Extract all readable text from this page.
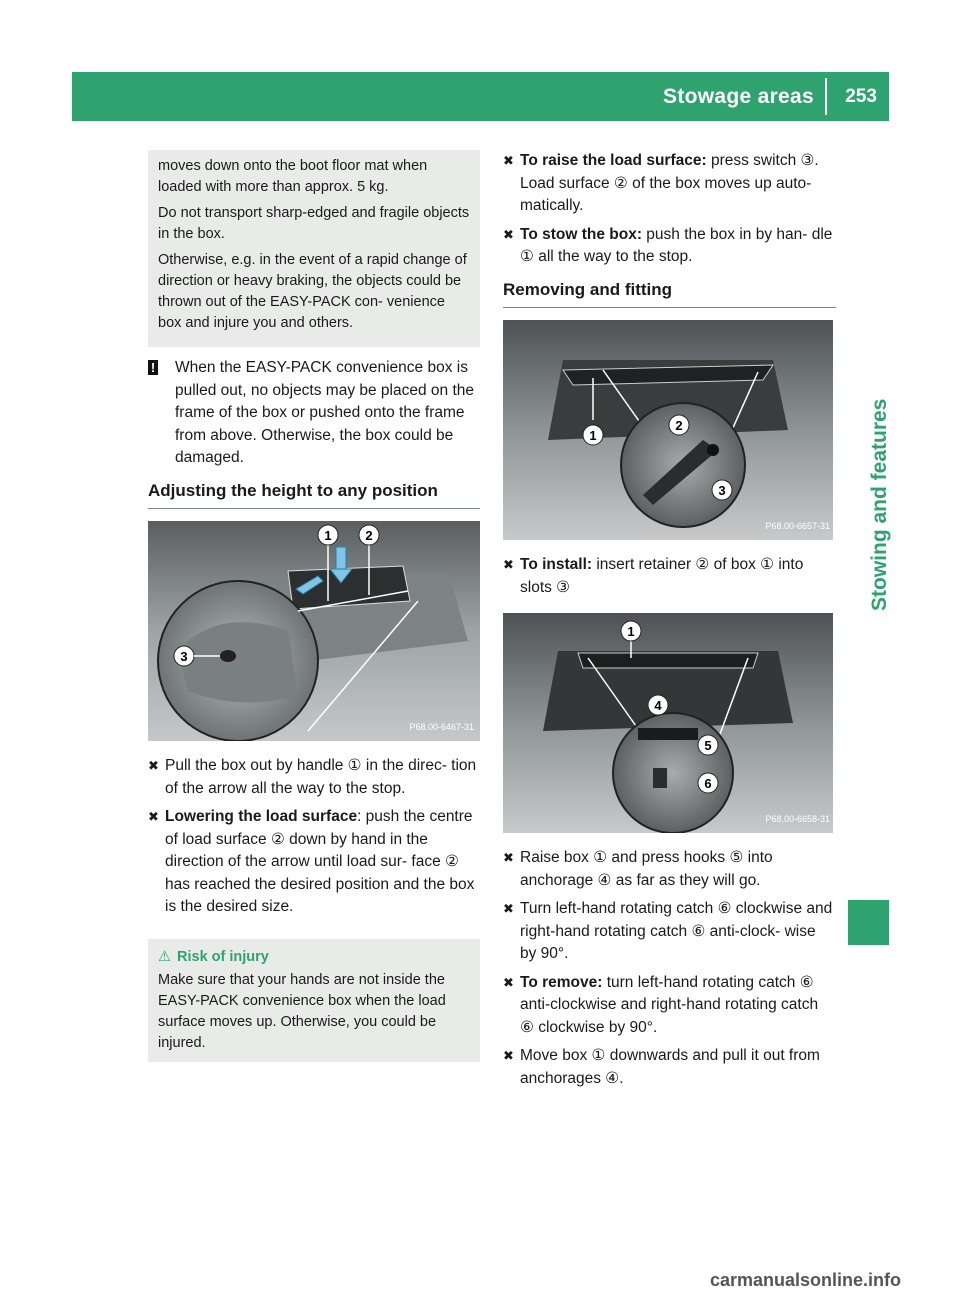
Stowage areas 253
Stowing and features

moves down onto the boot floor mat when loaded with more than approx. 5 kg.

Do not transport sharp-edged and fragile objects in the box.

Otherwise, e.g. in the event of a rapid change of direction or heavy braking, the objects could be thrown out of the EASY-PACK con- venience box and injure you and others.

! When the EASY-PACK convenience box is pulled out, no objects may be placed on the frame of the box or pushed onto the frame from above. Otherwise, the box could be damaged.
Adjusting the height to any position
1	2
3
P68.00-6467-31
✖ Pull the box out by handle ① in the direc- tion of the arrow all the way to the stop.
✖ Lowering the load surface: push the centre of load surface ② down by hand in the direction of the arrow until load sur- face ② has reached the desired position and the box is the desired size.
⚠ Risk of injury
Make sure that your hands are not inside the EASY-PACK convenience box when the load surface moves up. Otherwise, you could be injured.
✖ To raise the load surface: press switch ③. Load surface ② of the box moves up auto- matically.
✖ To stow the box: push the box in by han- dle ① all the way to the stop.
Removing and fitting
1
2
3
P68.00-6657-31
✖ To install: insert retainer ② of box ① into slots ③
1
4
5
6
P68.00-6658-31
✖ Raise box ① and press hooks ⑤ into anchorage ④ as far as they will go.
✖ Turn left-hand rotating catch ⑥ clockwise and right-hand rotating catch ⑥ anti-clock- wise by 90°.
✖ To remove: turn left-hand rotating catch ⑥ anti-clockwise and right-hand rotating catch ⑥ clockwise by 90°.
✖ Move box ① downwards and pull it out from anchorages ④.
carmanualsonline.info
